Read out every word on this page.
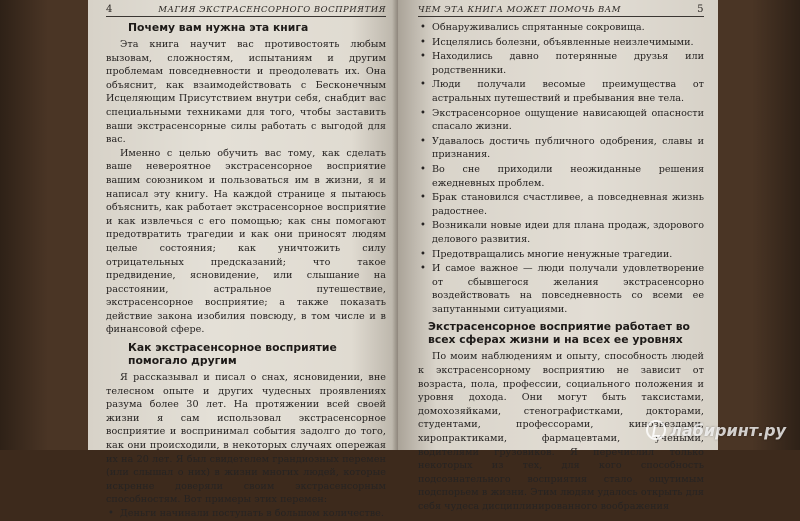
4	МАГИЯ ЭКСТРАСЕНСОРНОГО ВОСПРИЯТИЯ
Почему вам нужна эта книга

Эта книга научит вас противостоять любым вызовам, сложностям, испытаниям и другим проблемам повседневности и преодолевать их. Она объяснит, как взаимодействовать с Бесконечным Исцеляющим Присутствием внутри себя, снабдит вас специальными техниками для того, чтобы заставить ваши экстрасенсорные силы работать с выгодой для вас.

Именно с целью обучить вас тому, как сделать ваше невероятное экстрасенсорное восприятие вашим союзником и пользоваться им в жизни, я и написал эту книгу. На каждой странице я пытаюсь объяснить, как работает экстрасенсорное восприятие и как извлечься с его помощью; как сны помогают предотвратить трагедии и как они приносят людям целые состояния; как уничтожить силу отрицательных предсказаний; что такое предвидение, ясновидение, или слышание на расстоянии, астральное путешествие, экстрасенсорное восприятие; а также показать действие закона изобилия повсюду, в том числе и в финансовой сфере.

Как экстрасенсорное восприятие помогало другим

Я рассказывал и писал о снах, ясновидении, вне телесном опыте и других чудесных проявлениях разума более 30 лет. На протяжении всей своей жизни я сам использовал экстрасенсорное восприятие и воспринимал события задолго до того, как они происходили, в некоторых случаях опережая их на 20 лет. Я был свидетелем грандиозных перемен (или слышал о них) в жизни многих людей, которые искренне доверяли своим экстрасенсорным способностям. Вот примеры этих перемен:

• Деньги начинали поступать в большом количестве.
ЧЕМ ЭТА КНИГА МОЖЕТ ПОМОЧЬ ВАМ	5
• Обнаруживались спрятанные сокровища.
• Исцелялись болезни, объявленные неизлечимыми.
• Находились давно потерянные друзья или родственники.
• Люди получали весомые преимущества от астральных путешествий и пребывания вне тела.
• Экстрасенсорное ощущение нависающей опасности спасало жизни.
• Удавалось достичь публичного одобрения, славы и признания.
• Во сне приходили неожиданные решения ежедневных проблем.
• Брак становился счастливее, а повседневная жизнь радостнее.
• Возникали новые идеи для плана продаж, здорового делового развития.
• Предотвращались многие ненужные трагедии.
• И самое важное — люди получали удовлетворение от сбывшегося желания экстрасенсорно воздействовать на повседневность со всеми ее запутанными ситуациями.
Экстрасенсорное восприятие работает во всех сферах жизни и на всех ее уровнях

По моим наблюдениям и опыту, способность людей к экстрасенсорному восприятию не зависит от возраста, пола, профессии, социального положения и уровня дохода. Они могут быть таксистами, домохозяйками, стенографистками, докторами, студентами, профессорами, кинозвездами, хиропрактиками, фармацевтами, учеными, водителями грузовиков. Я перечислил только некоторых из тех, для кого способность подсознательного восприятия стало ощутимым подспорьем в жизни. Этим людям удалось открыть для себя чудеса дисциплинированного воображения

лабиринт.ру
